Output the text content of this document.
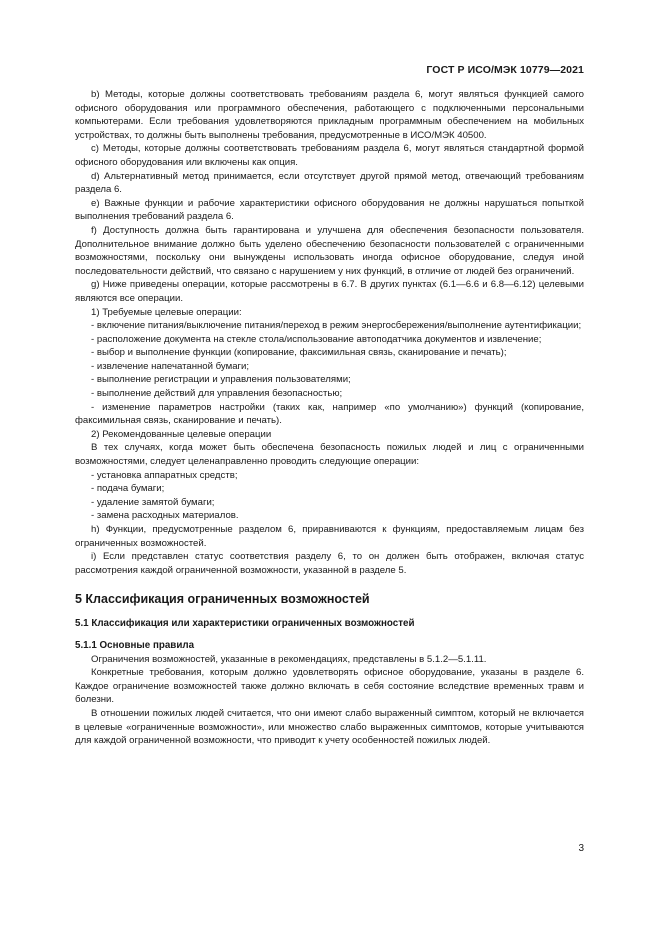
ГОСТ Р ИСО/МЭК 10779—2021

b) Методы, которые должны соответствовать требованиям раздела 6, могут являться функцией самого офисного оборудования или программного обеспечения, работающего с подключенными персональными компьютерами. Если требования удовлетворяются прикладным программным обеспечением на мобильных устройствах, то должны быть выполнены требования, предусмотренные в ИСО/МЭК 40500.

c) Методы, которые должны соответствовать требованиям раздела 6, могут являться стандартной формой офисного оборудования или включены как опция.

d) Альтернативный метод принимается, если отсутствует другой прямой метод, отвечающий требованиям раздела 6.

e) Важные функции и рабочие характеристики офисного оборудования не должны нарушаться попыткой выполнения требований раздела 6.

f) Доступность должна быть гарантирована и улучшена для обеспечения безопасности пользователя. Дополнительное внимание должно быть уделено обеспечению безопасности пользователей с ограниченными возможностями, поскольку они вынуждены использовать иногда офисное оборудование, следуя иной последовательности действий, что связано с нарушением у них функций, в отличие от людей без ограничений.

g) Ниже приведены операции, которые рассмотрены в 6.7. В других пунктах (6.1—6.6 и 6.8—6.12) целевыми являются все операции.

1) Требуемые целевые операции:

- включение питания/выключение питания/переход в режим энергосбережения/выполнение аутентификации;

- расположение документа на стекле стола/использование автоподатчика документов и извлечение;

- выбор и выполнение функции (копирование, факсимильная связь, сканирование и печать);

- извлечение напечатанной бумаги;

- выполнение регистрации и управления пользователями;

- выполнение действий для управления безопасностью;

- изменение параметров настройки (таких как, например «по умолчанию») функций (копирование, факсимильная связь, сканирование и печать).

2) Рекомендованные целевые операции

В тех случаях, когда может быть обеспечена безопасность пожилых людей и лиц с ограниченными возможностями, следует целенаправленно проводить следующие операции:

- установка аппаратных средств;

- подача бумаги;

- удаление замятой бумаги;

- замена расходных материалов.

h) Функции, предусмотренные разделом 6, приравниваются к функциям, предоставляемым лицам без ограниченных возможностей.

i) Если представлен статус соответствия разделу 6, то он должен быть отображен, включая статус рассмотрения каждой ограниченной возможности, указанной в разделе 5.

5 Классификация ограниченных возможностей
5.1 Классификация или характеристики ограниченных возможностей
5.1.1 Основные правила

Ограничения возможностей, указанные в рекомендациях, представлены в 5.1.2—5.1.11.

Конкретные требования, которым должно удовлетворять офисное оборудование, указаны в разделе 6. Каждое ограничение возможностей также должно включать в себя состояние вследствие временных травм и болезни.

В отношении пожилых людей считается, что они имеют слабо выраженный симптом, который не включается в целевые «ограниченные возможности», или множество слабо выраженных симптомов, которые учитываются для каждой ограниченной возможности, что приводит к учету особенностей пожилых людей.

3
